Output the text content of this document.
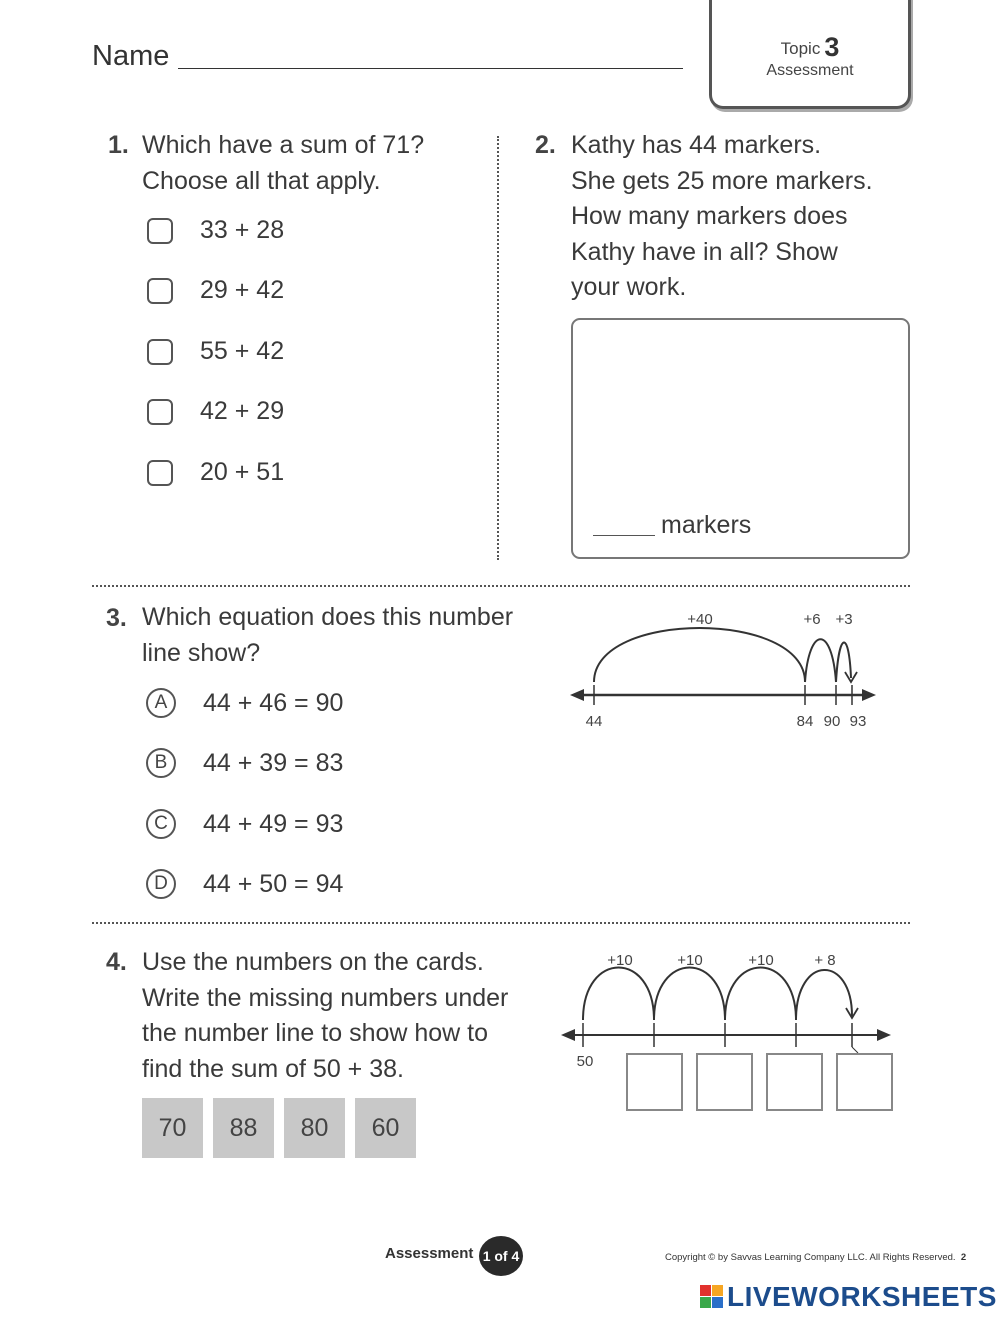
Name	Topic 3
Assessment
1. Which have a sum of 71?
Choose all that apply.
33 + 28
29 + 42
55 + 42
42 + 29
20 + 51
2. Kathy has 44 markers.
She gets 25 more markers.
How many markers does
Kathy have in all? Show
your work.
markers
3. Which equation does this number
line show?
A	44 + 46 = 90
B	44 + 39 = 83
C	44 + 49 = 93
D	44 + 50 = 94
+40	+6 +3
44	84 90 93
4. Use the numbers on the cards.
Write the missing numbers under
the number line to show how to
find the sum of 50 + 38.
70	88	80	60
+10	+10	+10	+ 8
50
Assessment 1 of 4	Copyright © by Savvas Learning Company LLC. All Rights Reserved. 2
LIVEWORKSHEETS
